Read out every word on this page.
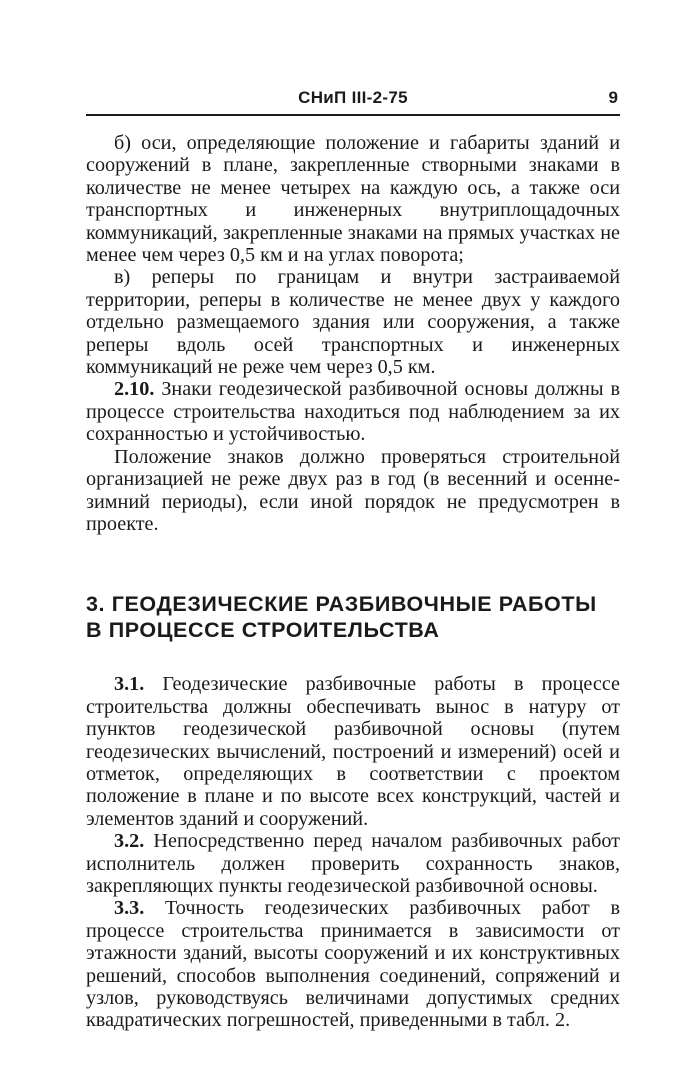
СНиП III-2-75	9

б) оси, определяющие положение и габариты зданий и сооружений в плане, закрепленные створными знаками в количестве не менее четырех на каждую ось, а также оси транспортных и инженерных внутриплощадочных коммуникаций, закрепленные знаками на прямых участках не менее чем через 0,5 км и на углах поворота;

в) реперы по границам и внутри застраиваемой территории, реперы в количестве не менее двух у каждого отдельно размещаемого здания или сооружения, а также реперы вдоль осей транспортных и инженерных коммуникаций не реже чем через 0,5 км.

2.10. Знаки геодезической разбивочной основы должны в процессе строительства находиться под наблюдением за их сохранностью и устойчивостью.

Положение знаков должно проверяться строительной организацией не реже двух раз в год (в весенний и осенне-зимний периоды), если иной порядок не предусмотрен в проекте.

3. ГЕОДЕЗИЧЕСКИЕ РАЗБИВОЧНЫЕ РАБОТЫ
В ПРОЦЕССЕ СТРОИТЕЛЬСТВА

3.1. Геодезические разбивочные работы в процессе строительства должны обеспечивать вынос в натуру от пунктов геодезической разбивочной основы (путем геодезических вычислений, построений и измерений) осей и отметок, определяющих в соответствии с проектом положение в плане и по высоте всех конструкций, частей и элементов зданий и сооружений.

3.2. Непосредственно перед началом разбивочных работ исполнитель должен проверить сохранность знаков, закрепляющих пункты геодезической разбивочной основы.

3.3. Точность геодезических разбивочных работ в процессе строительства принимается в зависимости от этажности зданий, высоты сооружений и их конструктивных решений, способов выполнения соединений, сопряжений и узлов, руководствуясь величинами допустимых средних квадратических погрешностей, приведенными в табл. 2.
